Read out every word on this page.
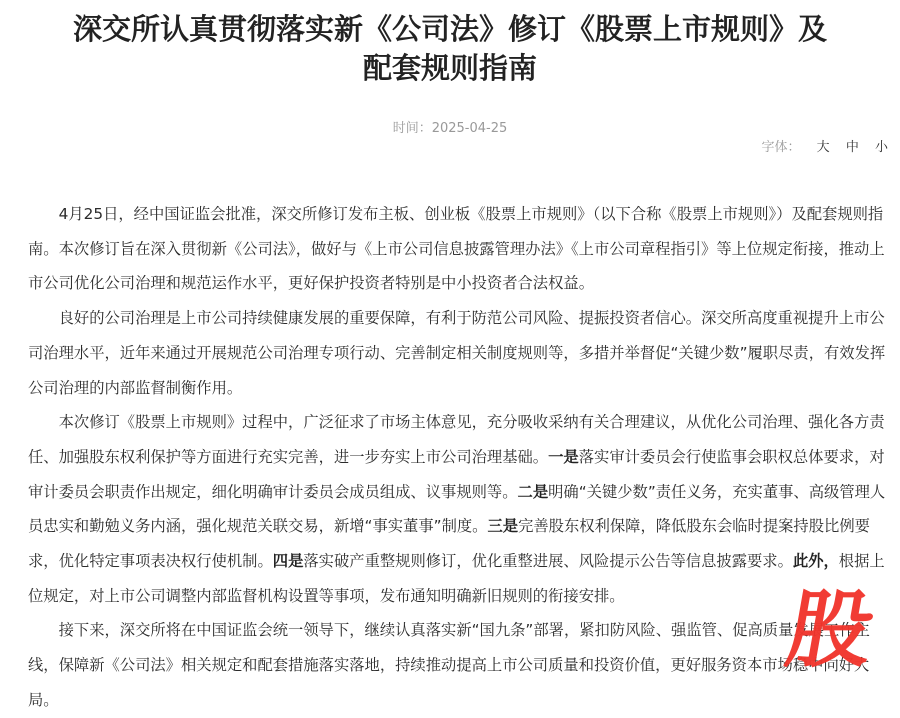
深交所认真贯彻落实新《公司法》修订《股票上市规则》及
配套规则指南
时间：2025-04-25
字体： 大 中 小

4月25日，经中国证监会批准，深交所修订发布主板、创业板《股票上市规则》（以下合称《股票上市规则》）及配套规则指南。本次修订旨在深入贯彻新《公司法》，做好与《上市公司信息披露管理办法》《上市公司章程指引》等上位规定衔接，推动上市公司优化公司治理和规范运作水平，更好保护投资者特别是中小投资者合法权益。

良好的公司治理是上市公司持续健康发展的重要保障，有利于防范公司风险、提振投资者信心。深交所高度重视提升上市公司治理水平，近年来通过开展规范公司治理专项行动、完善制定相关制度规则等，多措并举督促“关键少数”履职尽责，有效发挥公司治理的内部监督制衡作用。

本次修订《股票上市规则》过程中，广泛征求了市场主体意见，充分吸收采纳有关合理建议，从优化公司治理、强化各方责任、加强股东权利保护等方面进行充实完善，进一步夯实上市公司治理基础。一是落实审计委员会行使监事会职权总体要求，对审计委员会职责作出规定，细化明确审计委员会成员组成、议事规则等。二是明确“关键少数”责任义务，充实董事、高级管理人员忠实和勤勉义务内涵，强化规范关联交易，新增“事实董事”制度。三是完善股东权利保障，降低股东会临时提案持股比例要求，优化特定事项表决权行使机制。四是落实破产重整规则修订，优化重整进展、风险提示公告等信息披露要求。此外，根据上位规定，对上市公司调整内部监督机构设置等事项，发布通知明确新旧规则的衔接安排。

接下来，深交所将在中国证监会统一领导下，继续认真落实新“国九条”部署，紧扣防风险、强监管、促高质量发展工作主线，保障新《公司法》相关规定和配套措施落实落地，持续推动提高上市公司质量和投资价值，更好服务资本市场稳中向好大局。

股
